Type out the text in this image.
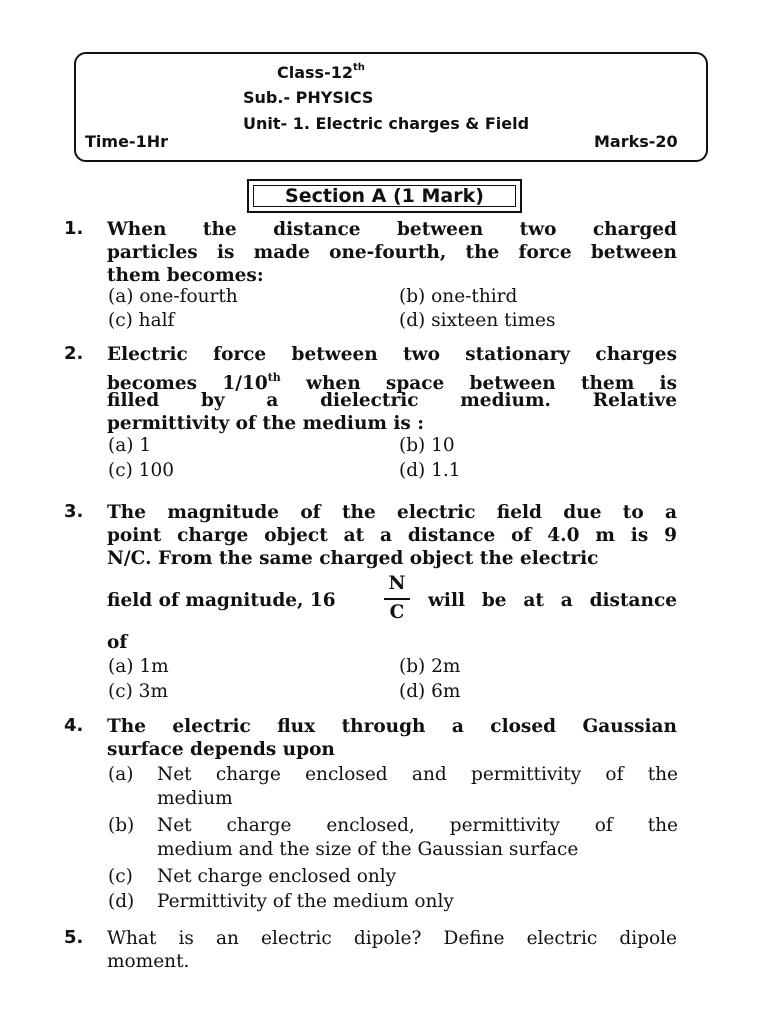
Class-12th
Sub.- PHYSICS
Unit- 1. Electric charges & Field
Time-1Hr	Marks-20
Section A (1 Mark)
1. When the distance between two charged
particles is made one-fourth, the force between
them becomes:
(a) one-fourth	(b) one-third
(c) half	(d) sixteen times
2. Electric force between two stationary charges
becomes 1/10th when space between them is
filled by a dielectric medium. Relative
permittivity of the medium is :
(a) 1	(b) 10
(c) 100	(d) 1.1
3. The magnitude of the electric field due to a
point charge object at a distance of 4.0 m is 9
N/C. From the same charged object the electric
field of magnitude, 16
N
C
will be at a distance
of
(a) 1m	(b) 2m
(c) 3m	(d) 6m
4. The electric flux through a closed Gaussian
surface depends upon
(a) Net charge enclosed and permittivity of the
medium
(b) Net charge enclosed, permittivity of the
medium and the size of the Gaussian surface
(c) Net charge enclosed only
(d) Permittivity of the medium only
5. What is an electric dipole? Define electric dipole
moment.
